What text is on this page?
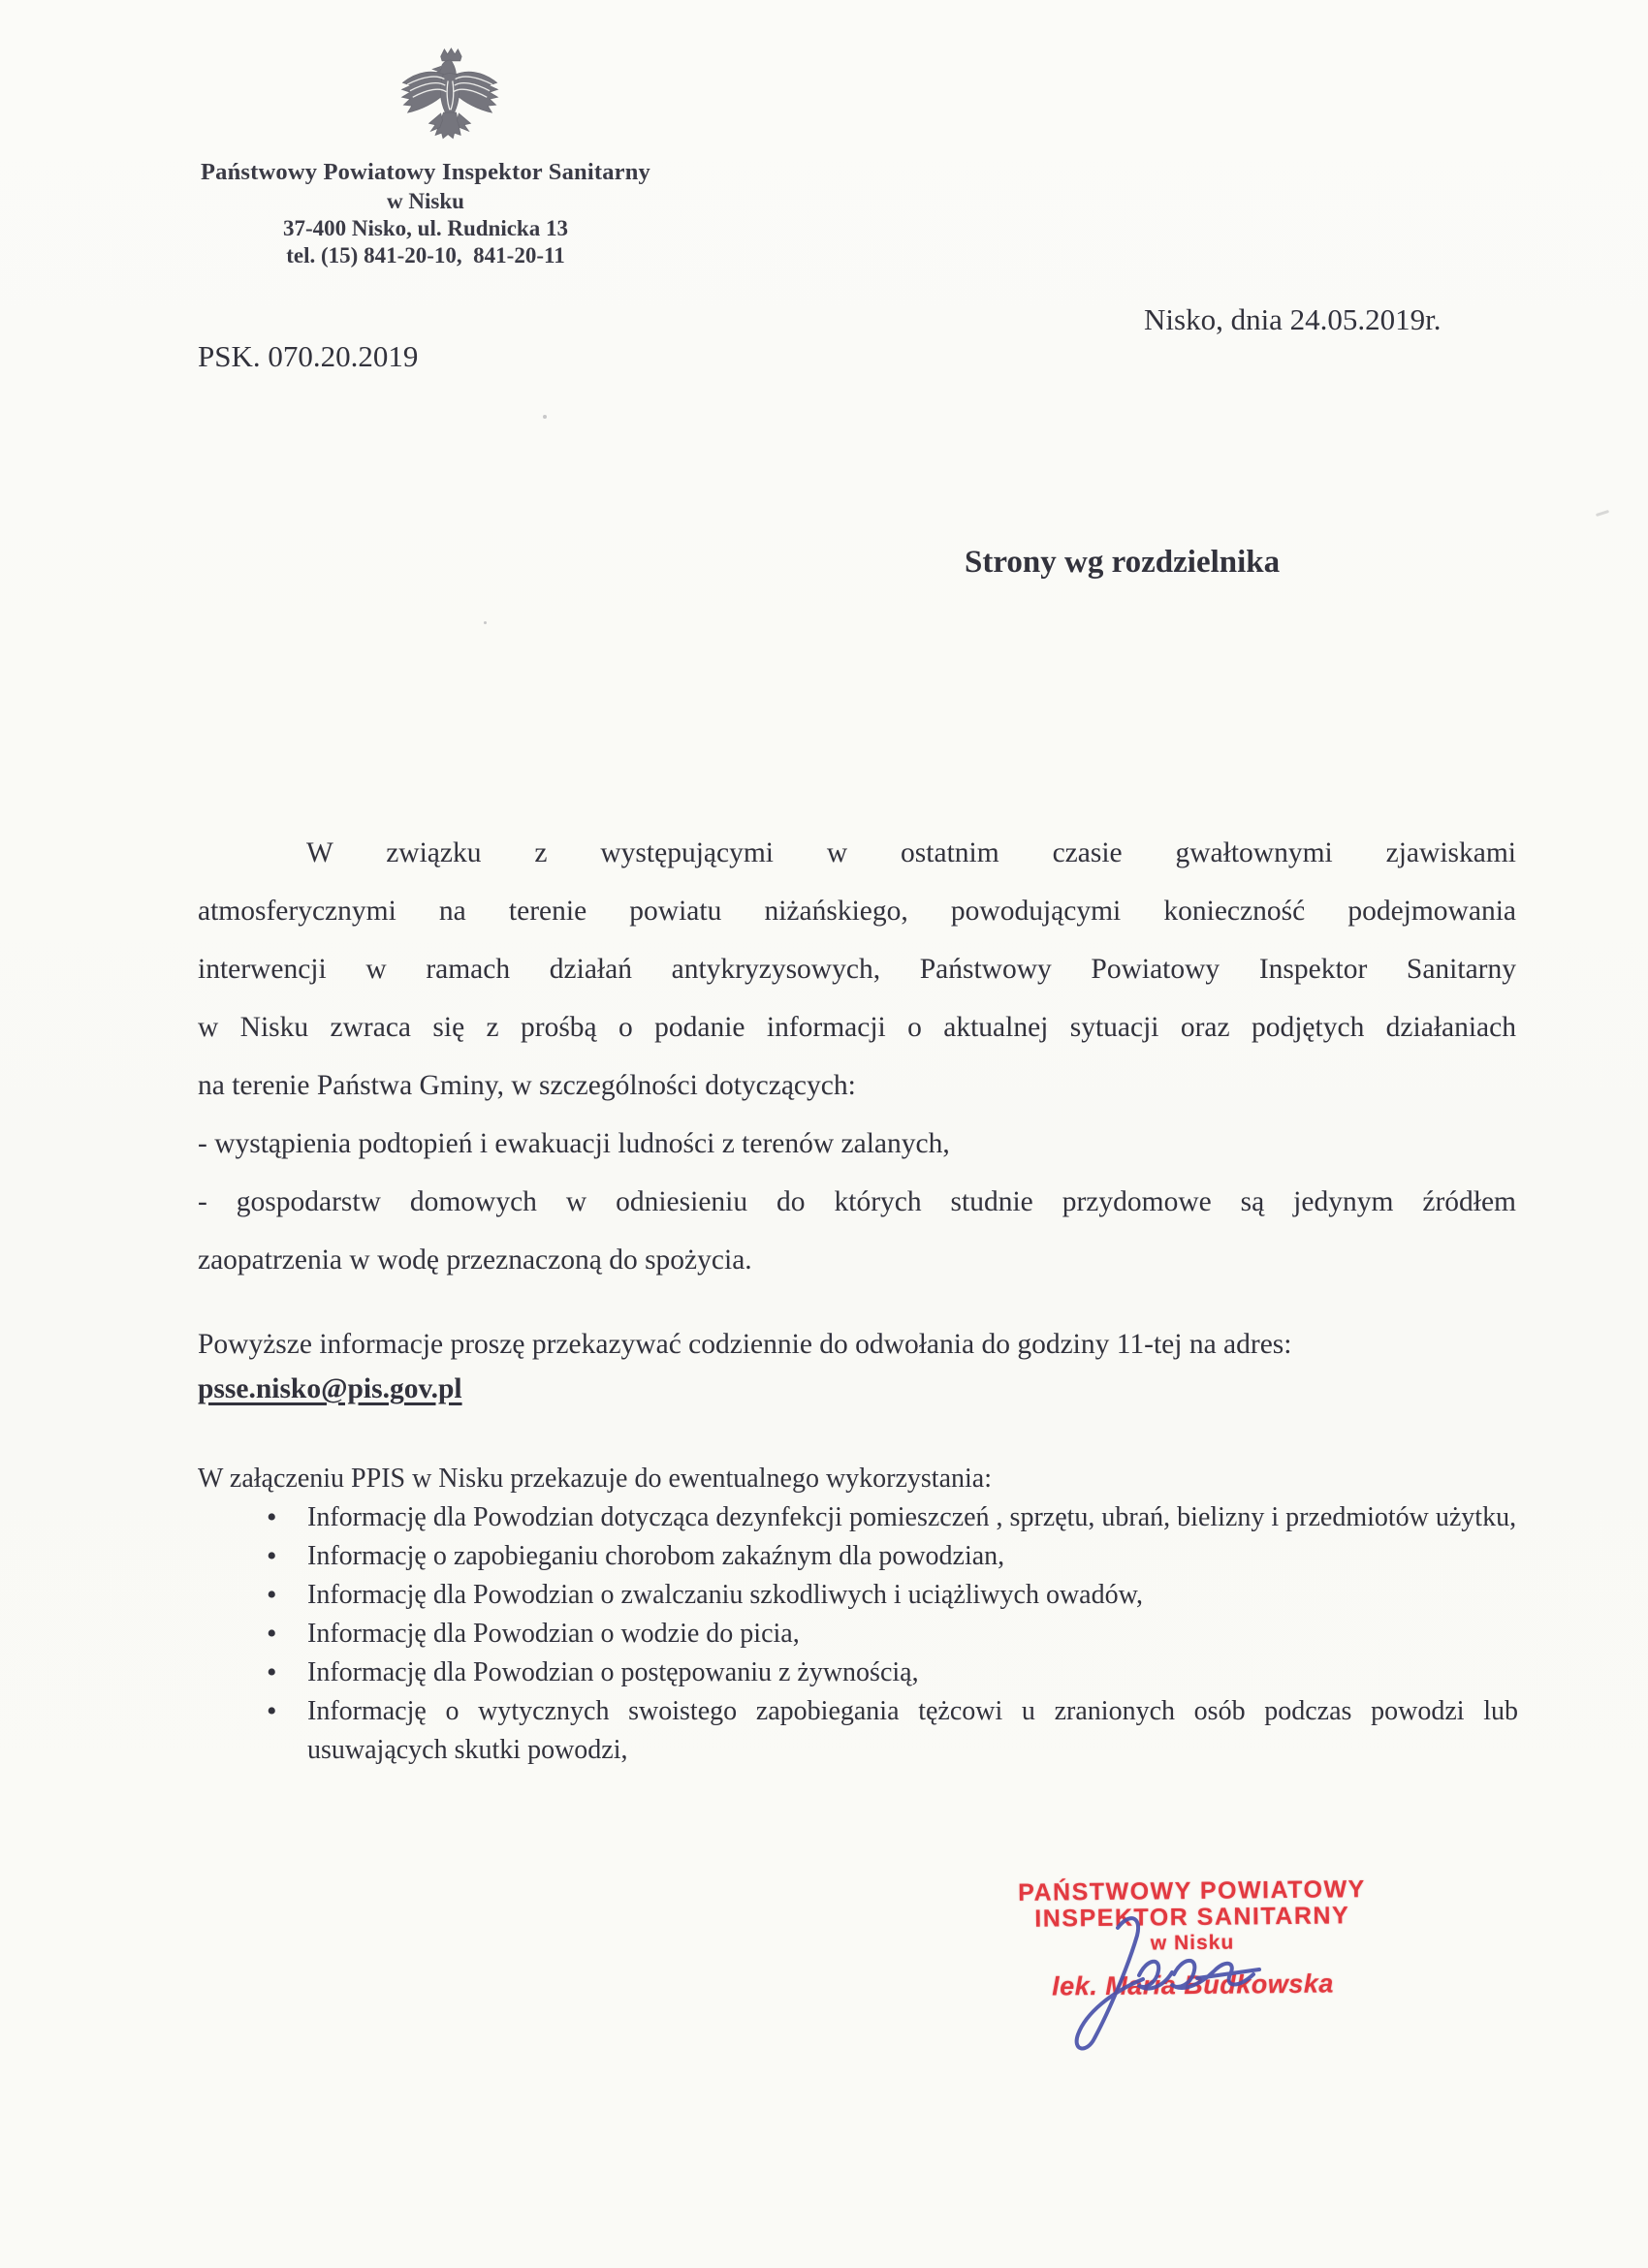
Państwowy Powiatowy Inspektor Sanitarny
w Nisku
37-400 Nisko, ul. Rudnicka 13
tel. (15) 841-20-10,  841-20-11
Nisko, dnia 24.05.2019r.
PSK. 070.20.2019
Strony wg rozdzielnika
W związku z występującymi w ostatnim czasie gwałtownymi zjawiskami
atmosferycznymi na terenie powiatu niżańskiego, powodującymi konieczność podejmowania
interwencji w ramach działań antykryzysowych, Państwowy Powiatowy Inspektor Sanitarny
w Nisku zwraca się z prośbą o podanie informacji o aktualnej sytuacji oraz podjętych działaniach
na terenie Państwa Gminy, w szczególności dotyczących:
- wystąpienia podtopień i ewakuacji ludności z terenów zalanych,
- gospodarstw domowych w odniesieniu do których studnie przydomowe są jedynym źródłem
zaopatrzenia w wodę przeznaczoną do spożycia.
Powyższe informacje proszę przekazywać codziennie do odwołania do godziny 11-tej na adres:
psse.nisko@pis.gov.pl
W załączeniu PPIS w Nisku przekazuje do ewentualnego wykorzystania:
• Informację dla Powodzian dotycząca dezynfekcji pomieszczeń , sprzętu, ubrań, bielizny i przedmiotów użytku,
• Informację o zapobieganiu chorobom zakaźnym dla powodzian,
• Informację dla Powodzian o zwalczaniu szkodliwych i uciążliwych owadów,
• Informację dla Powodzian o wodzie do picia,
• Informację dla Powodzian o postępowaniu z żywnością,
• Informację o wytycznych swoistego zapobiegania tężcowi u zranionych osób podczas powodzi lub usuwających skutki powodzi,
PAŃSTWOWY POWIATOWY
INSPEKTOR SANITARNY
w Nisku
lek. Maria Budkowska
